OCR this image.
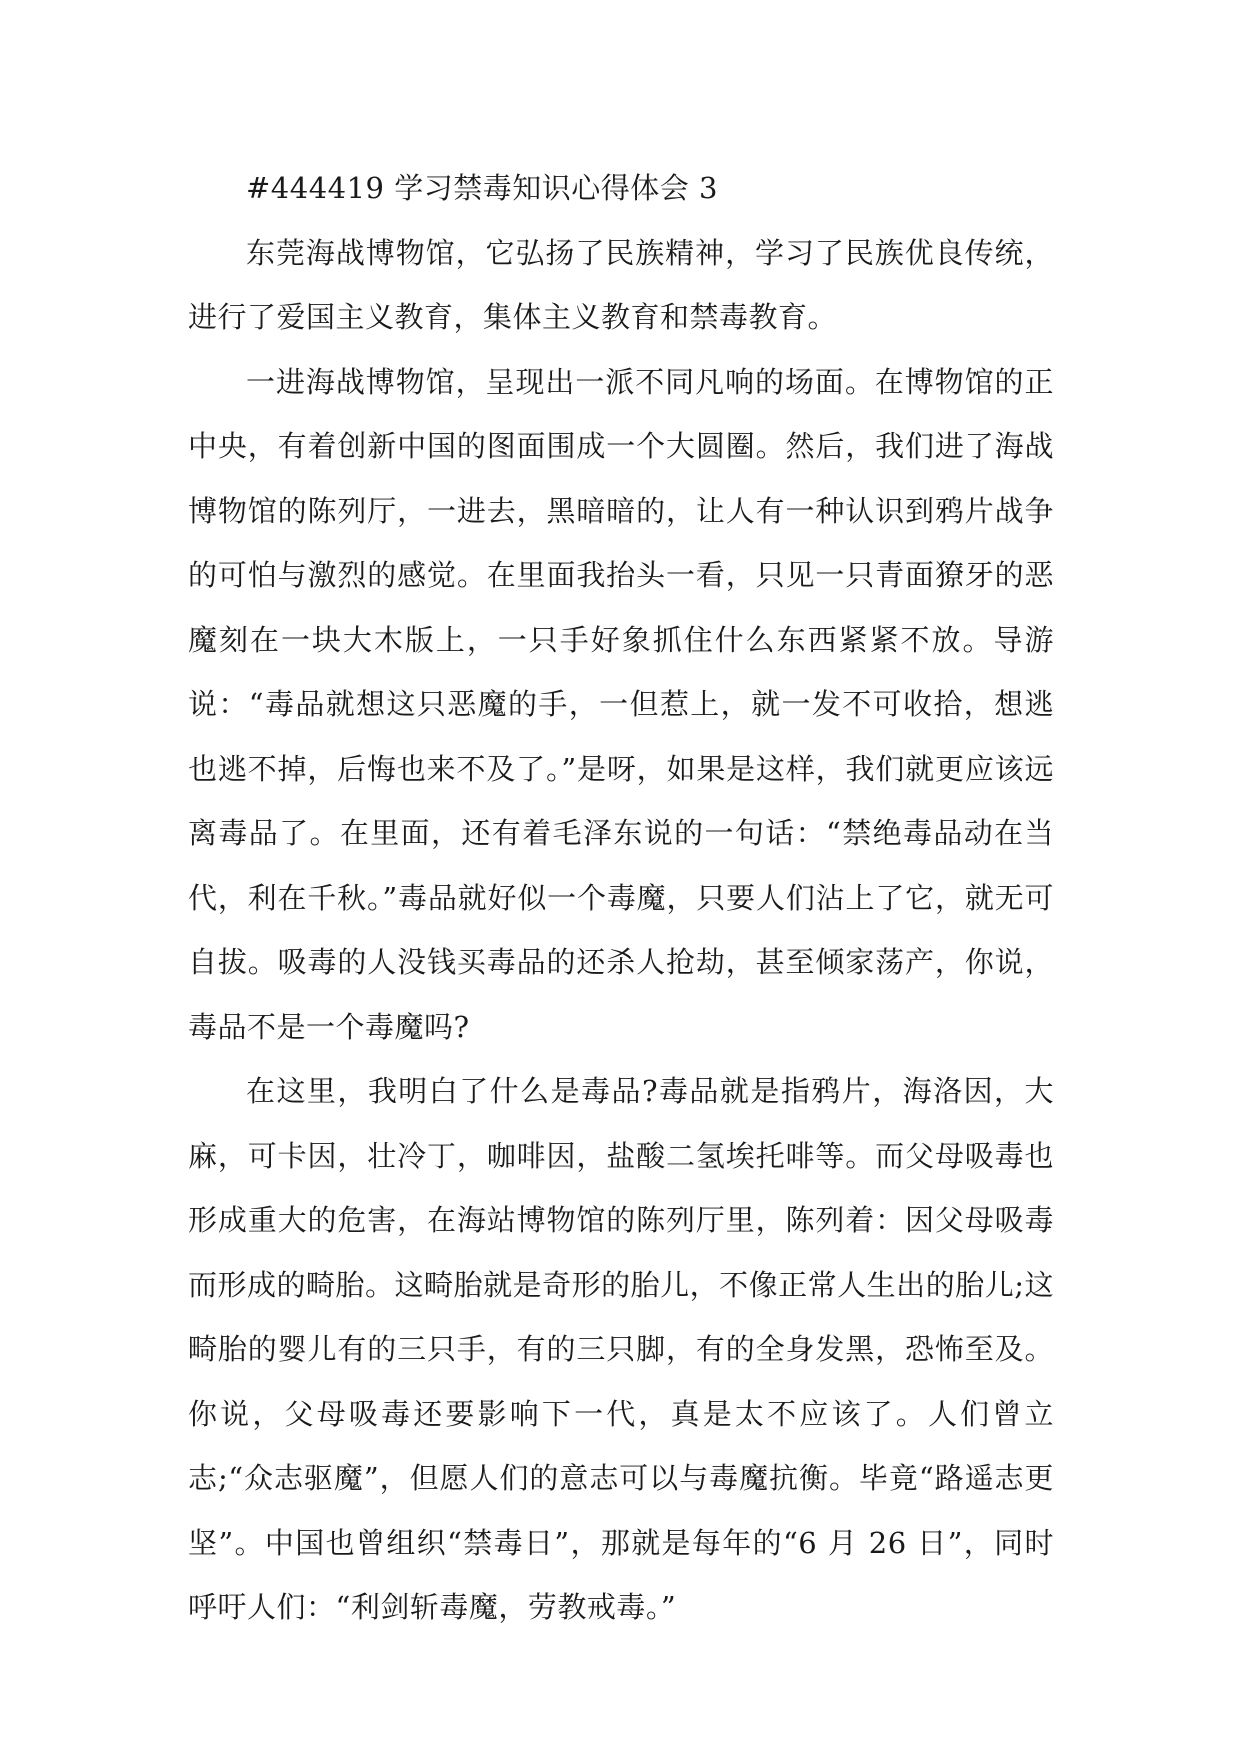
#444419 学习禁毒知识心得体会 3

东莞海战博物馆，它弘扬了民族精神，学习了民族优良传统，进行了爱国主义教育，集体主义教育和禁毒教育。

一进海战博物馆，呈现出一派不同凡响的场面。在博物馆的正中央，有着创新中国的图面围成一个大圆圈。然后，我们进了海战博物馆的陈列厅，一进去，黑暗暗的，让人有一种认识到鸦片战争的可怕与激烈的感觉。在里面我抬头一看，只见一只青面獠牙的恶魔刻在一块大木版上，一只手好象抓住什么东西紧紧不放。导游说：“毒品就想这只恶魔的手，一但惹上，就一发不可收拾，想逃也逃不掉，后悔也来不及了。”是呀，如果是这样，我们就更应该远离毒品了。在里面，还有着毛泽东说的一句话：“禁绝毒品动在当代，利在千秋。”毒品就好似一个毒魔，只要人们沾上了它，就无可自拔。吸毒的人没钱买毒品的还杀人抢劫，甚至倾家荡产，你说，毒品不是一个毒魔吗?

在这里，我明白了什么是毒品?毒品就是指鸦片，海洛因，大麻，可卡因，壮冷丁，咖啡因，盐酸二氢埃托啡等。而父母吸毒也形成重大的危害，在海站博物馆的陈列厅里，陈列着：因父母吸毒而形成的畸胎。这畸胎就是奇形的胎儿，不像正常人生出的胎儿;这畸胎的婴儿有的三只手，有的三只脚，有的全身发黑，恐怖至及。你说，父母吸毒还要影响下一代，真是太不应该了。人们曾立志;“众志驱魔”，但愿人们的意志可以与毒魔抗衡。毕竟“路遥志更坚”。中国也曾组织“禁毒日”，那就是每年的“6 月 26 日”，同时呼吁人们：“利剑斩毒魔，劳教戒毒。”
